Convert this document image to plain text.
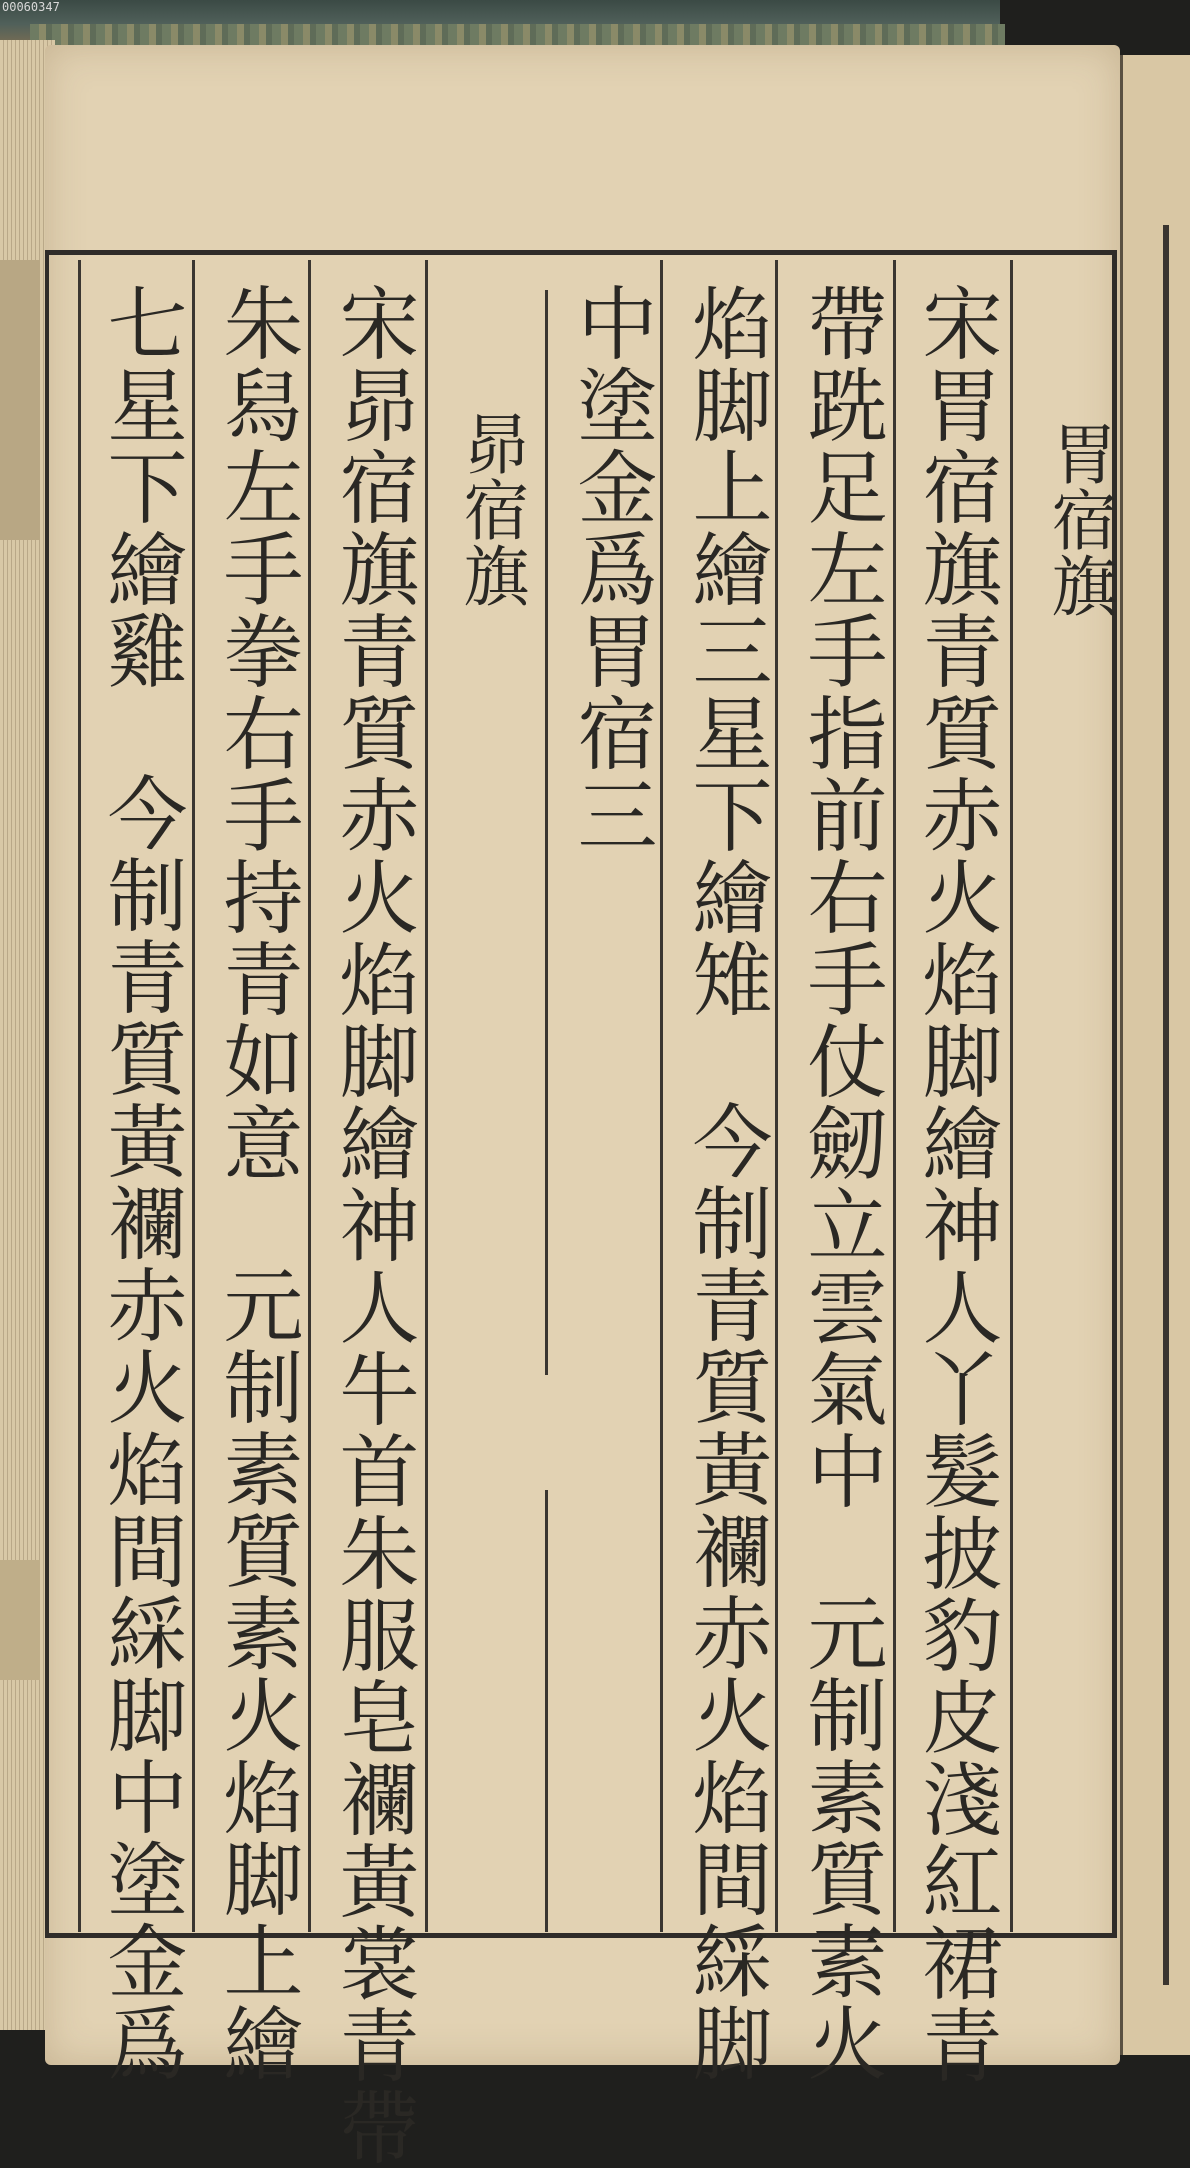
00060347
胃宿旗
宋胃宿旗青質赤火焰脚繪神人丫髮披豹皮淺紅裙青
帶跣足左手指前右手仗劒立雲氣中元制素質素火
焰脚上繪三星下繪雉今制青質黃襴赤火焰間綵脚
中塗金爲胃宿三
昴宿旗
宋昴宿旗青質赤火焰脚繪神人牛首朱服皂襴黃裳青帶
朱舄左手拳右手持青如意元制素質素火焰脚上繪
七星下繪雞今制青質黃襴赤火焰間綵脚中塗金爲
